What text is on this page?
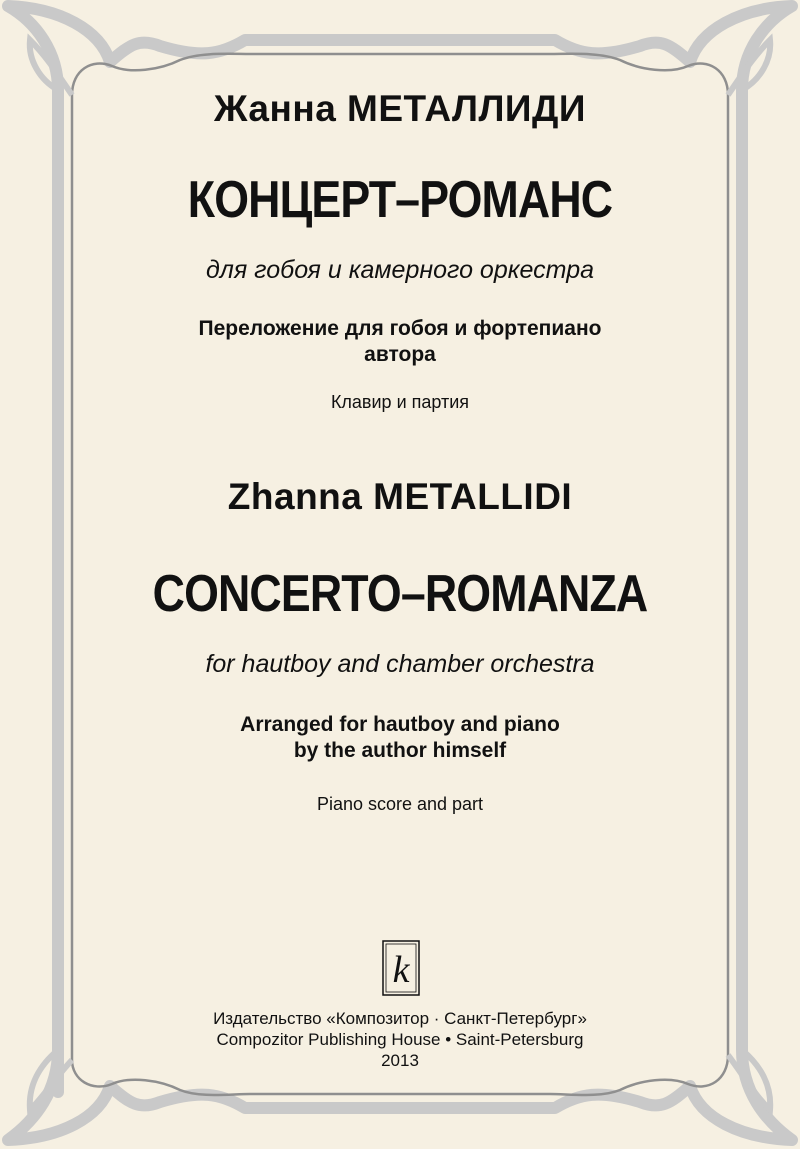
Жанна МЕТАЛЛИДИ
КОНЦЕРТ–РОМАНС
для гобоя и камерного оркестра
Переложение для гобоя и фортепиано
автора
Клавир и партия
Zhanna METALLIDI
CONCERTO–ROMANZA
for hautboy and chamber orchestra
Arranged for hautboy and piano
by the author himself
Piano score and part
k
Издательство «Композитор · Санкт-Петербург»
Compozitor Publishing House • Saint-Petersburg
2013
